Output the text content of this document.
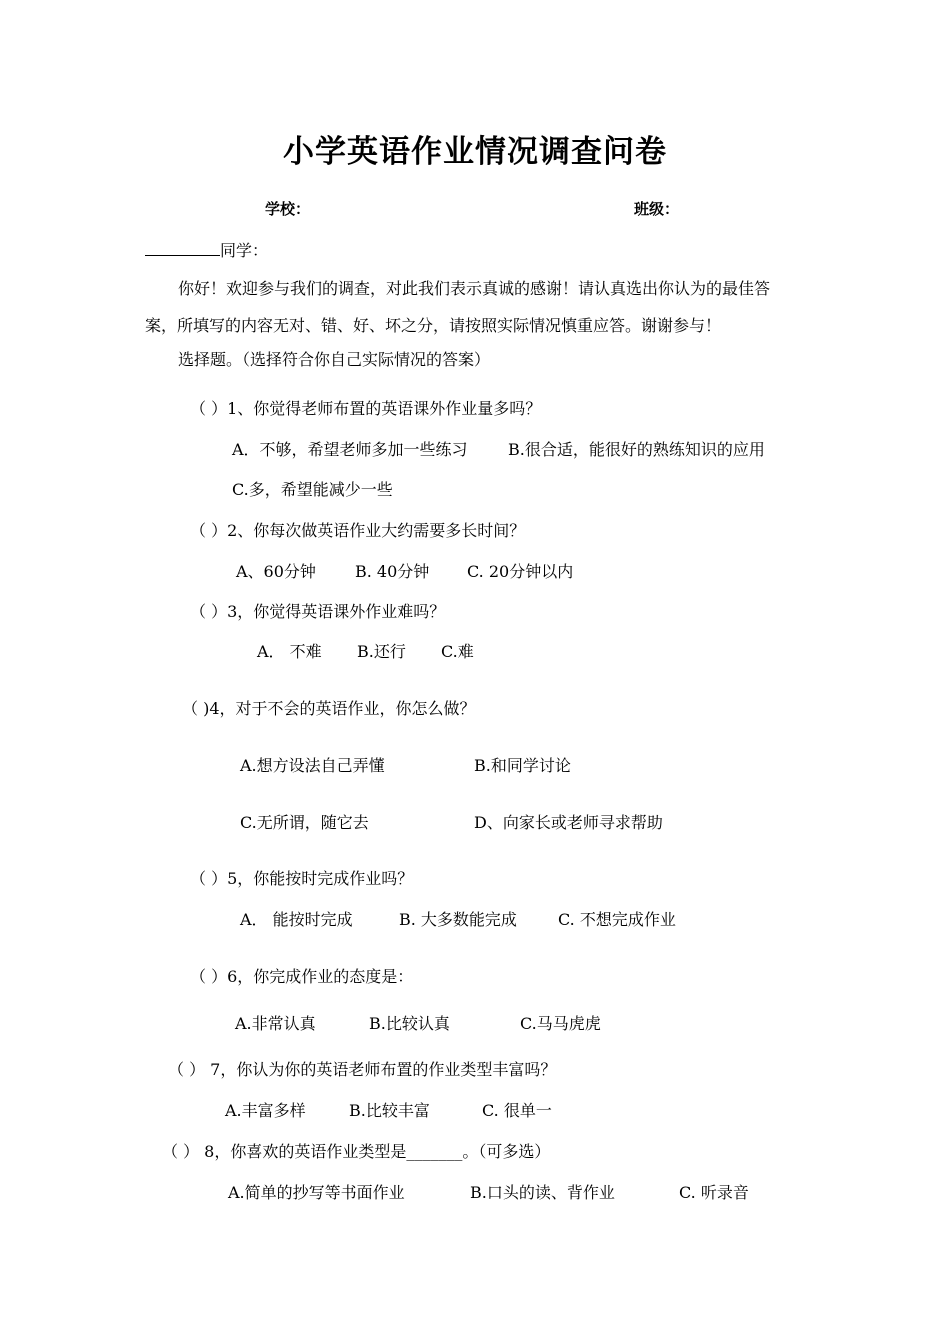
小学英语作业情况调查问卷
学校：	班级：
同学：
你好！欢迎参与我们的调查，对此我们表示真诚的感谢！请认真选出你认为的最佳答
案，所填写的内容无对、错、好、坏之分，请按照实际情况慎重应答。谢谢参与！
选择题。（选择符合你自己实际情况的答案）
（ ）1、你觉得老师布置的英语课外作业量多吗？
A．不够，希望老师多加一些练习	B.很合适，能很好的熟练知识的应用
C.多，希望能减少一些
（ ）2、你每次做英语作业大约需要多长时间？
A、60分钟 B. 40分钟 C. 20分钟以内
（ ）3，你觉得英语课外作业难吗？
A． 不难 B.还行 C.难
（ )4，对于不会的英语作业，你怎么做？
A.想方设法自己弄懂	B.和同学讨论
C.无所谓，随它去	D、向家长或老师寻求帮助
（ ）5，你能按时完成作业吗？
A． 能按时完成	B. 大多数能完成	C. 不想完成作业
（ ）6，你完成作业的态度是：
A.非常认真	B.比较认真	C.马马虎虎
（ ） 7，你认为你的英语老师布置的作业类型丰富吗？
A.丰富多样	B.比较丰富	C. 很单一
（ ） 8，你喜欢的英语作业类型是_______。（可多选）
A.简单的抄写等书面作业	B.口头的读、背作业	C. 听录音
